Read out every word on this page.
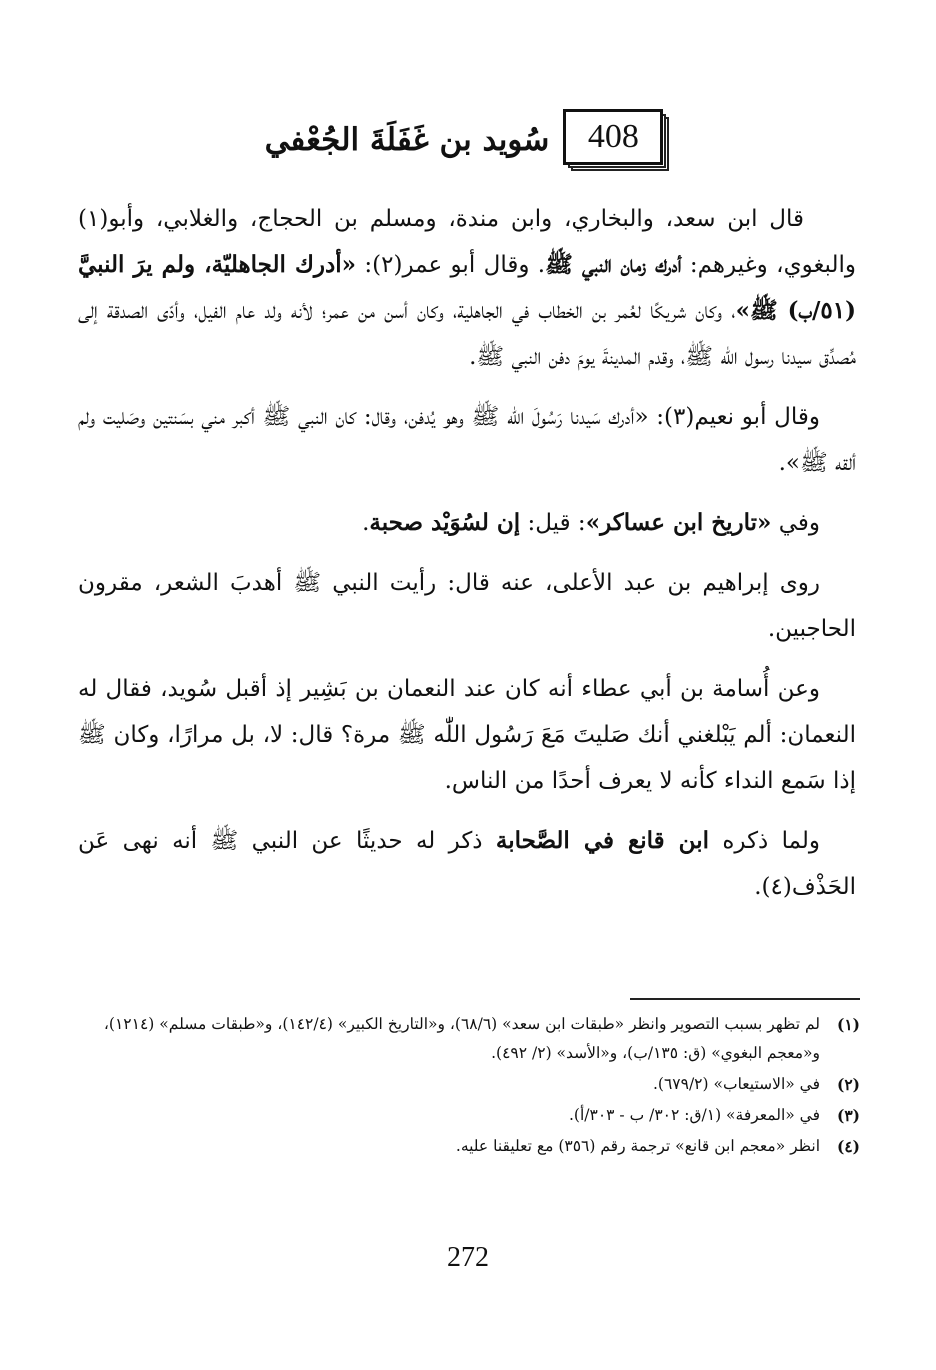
408
سُويد بن غَفَلَةَ الجُعْفي

قال ابن سعد، والبخاري، وابن مندة، ومسلم بن الحجاج، والغلابي، وأبو(١) والبغوي، وغيرهم: أدرك زمان النبي ﷺ. وقال أبو عمر(٢): «أدرك الجاهليّة، ولم يرَ النبيَّ (٥١/ب) ﷺ»، وكان شريكًا لعُمر بن الخطاب في الجاهلية، وكان أسن من عمر؛ لأنه ولد عام الفيل، وأدّى الصدقة إلى مُصدِّق سيدنا رسول الله ﷺ، وقدم المدينةَ يومَ دفن النبي ﷺ.

وقال أبو نعيم(٣): «أدرك سَيدنا رَسُولَ الله ﷺ وهو يُدفن، وقال: كان النبي ﷺ أكبر مني بسَنتين وصَليت ولم ألقه ﷺ».

وفي «تاريخ ابن عساكر»: قيل: إن لسُوَيْد صحبة.

روى إبراهيم بن عبد الأعلى، عنه قال: رأيت النبي ﷺ أهدبَ الشعر، مقرون الحاجبين.

وعن أُسامة بن أبي عطاء أنه كان عند النعمان بن بَشِير إذ أقبل سُويد، فقال له النعمان: ألم يَبْلغني أنك صَليتَ مَعَ رَسُول اللّٰه ﷺ مرة؟ قال: لا، بل مرارًا، وكان ﷺ إذا سَمع النداء كأنه لا يعرف أحدًا من الناس.

ولما ذكره ابن قانع في الصَّحابة ذكر له حديثًا عن النبي ﷺ أنه نهى عَن الحَذْف(٤).

(١)
لم تظهر بسبب التصوير وانظر «طبقات ابن سعد» (٦٨/٦)، و«التاريخ الكبير» (١٤٢/٤)، و«طبقات مسلم» (١٢١٤)، و«معجم البغوي» (ق: ١٣٥/ب)، و«الأسد» (٢/ ٤٩٢).
(٢)
في «الاستيعاب» (٦٧٩/٢).
(٣)
في «المعرفة» (١/ق: ٣٠٢/ ب - ٣٠٣/أ).
(٤)
انظر «معجم ابن قانع» ترجمة رقم (٣٥٦) مع تعليقنا عليه.
272
